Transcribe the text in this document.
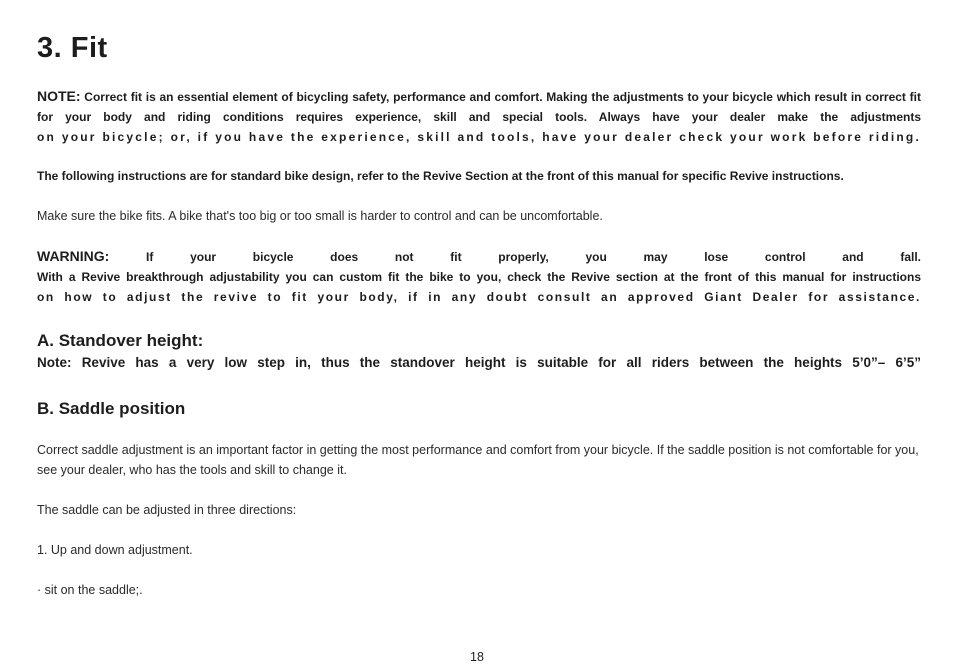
3. Fit
NOTE: Correct fit is an essential element of bicycling safety, performance and comfort. Making the adjustments to your bicycle which result in correct fit for your body and riding conditions requires experience, skill and special tools. Always have your dealer make the adjustments
on your bicycle; or, if you have the experience, skill and tools, have your dealer check your work before riding.

The following instructions are for standard bike design, refer to the Revive Section at the front of this manual for specific Revive instructions.

Make sure the bike fits. A bike that's too big or too small is harder to control and can be uncomfortable.

WARNING:	If your bicycle does not fit properly, you may lose control and fall.
With a Revive breakthrough adjustability you can custom fit the bike to you, check the Revive section at the front of this manual for instructions
on how to adjust the revive to fit your body, if in any doubt consult an approved Giant Dealer for assistance.
A. Standover height:

Note: Revive has a very low step in, thus the standover height is suitable for all riders between the heights 5’0”– 6’5”

B. Saddle position

Correct saddle adjustment is an important factor in getting the most performance and comfort from your bicycle. If the saddle position is not comfortable for you, see your dealer, who has the tools and skill to change it.

The saddle can be adjusted in three directions:

1. Up and down adjustment.

· sit on the saddle;.

18
